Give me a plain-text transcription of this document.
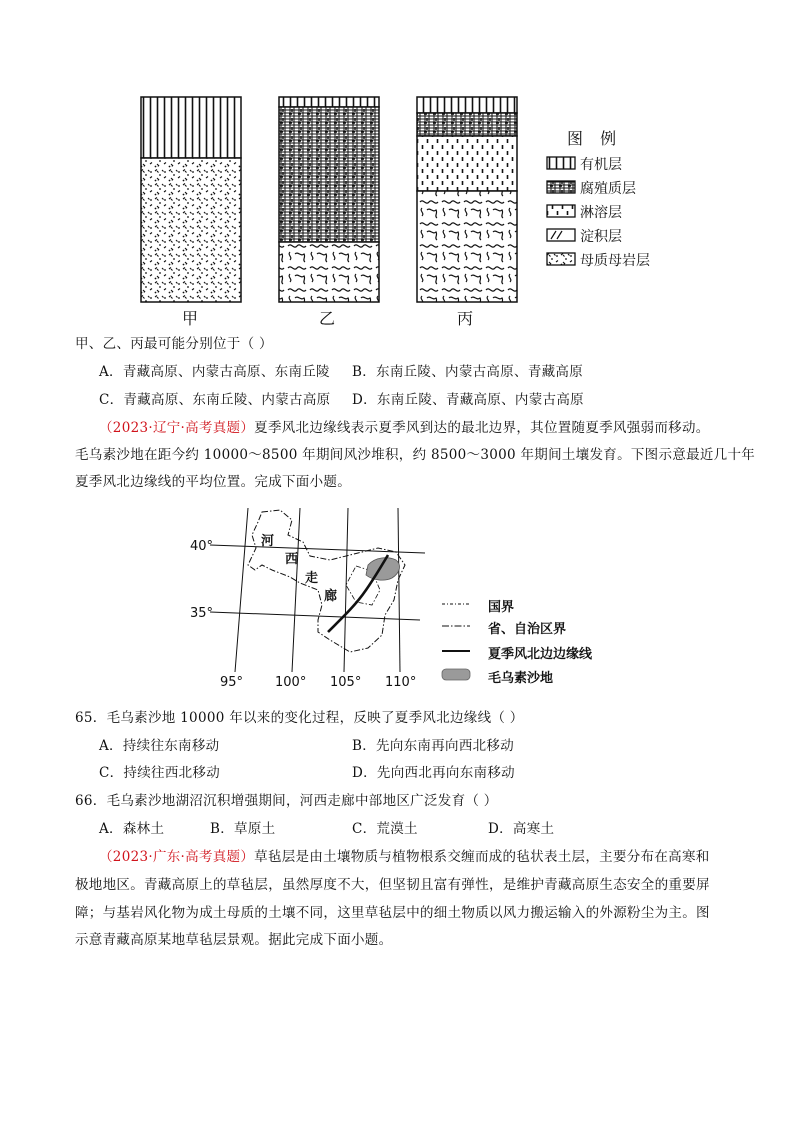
甲	乙	丙
图 例
有机层
腐殖质层
淋溶层
淀积层
母质母岩层
甲、乙、丙最可能分别位于（ ）
A．青藏高原、内蒙古高原、东南丘陵 B．东南丘陵、内蒙古高原、青藏高原
C．青藏高原、东南丘陵、内蒙古高原 D．东南丘陵、青藏高原、内蒙古高原
（2023·辽宁·高考真题）夏季风北边缘线表示夏季风到达的最北边界，其位置随夏季风强弱而移动。
毛乌素沙地在距今约 10000～8500 年期间风沙堆积，约 8500～3000 年期间土壤发育。下图示意最近几十年
夏季风北边缘线的平均位置。完成下面小题。
40°
35°
95° 100° 105° 110°
河
西
走
廊
国界
省、自治区界
夏季风北边边缘线
毛乌素沙地
65．毛乌素沙地 10000 年以来的变化过程，反映了夏季风北边缘线（ ）
A．持续往东南移动	B．先向东南再向西北移动
C．持续往西北移动	D．先向西北再向东南移动
66．毛乌素沙地湖沼沉积增强期间，河西走廊中部地区广泛发育（ ）
A．森林土	B．草原土	C．荒漠土	D．高寒土
（2023·广东·高考真题）草毡层是由土壤物质与植物根系交缠而成的毡状表土层，主要分布在高寒和
极地地区。青藏高原上的草毡层，虽然厚度不大，但坚韧且富有弹性，是维护青藏高原生态安全的重要屏
障；与基岩风化物为成土母质的土壤不同，这里草毡层中的细土物质以风力搬运输入的外源粉尘为主。图
示意青藏高原某地草毡层景观。据此完成下面小题。
